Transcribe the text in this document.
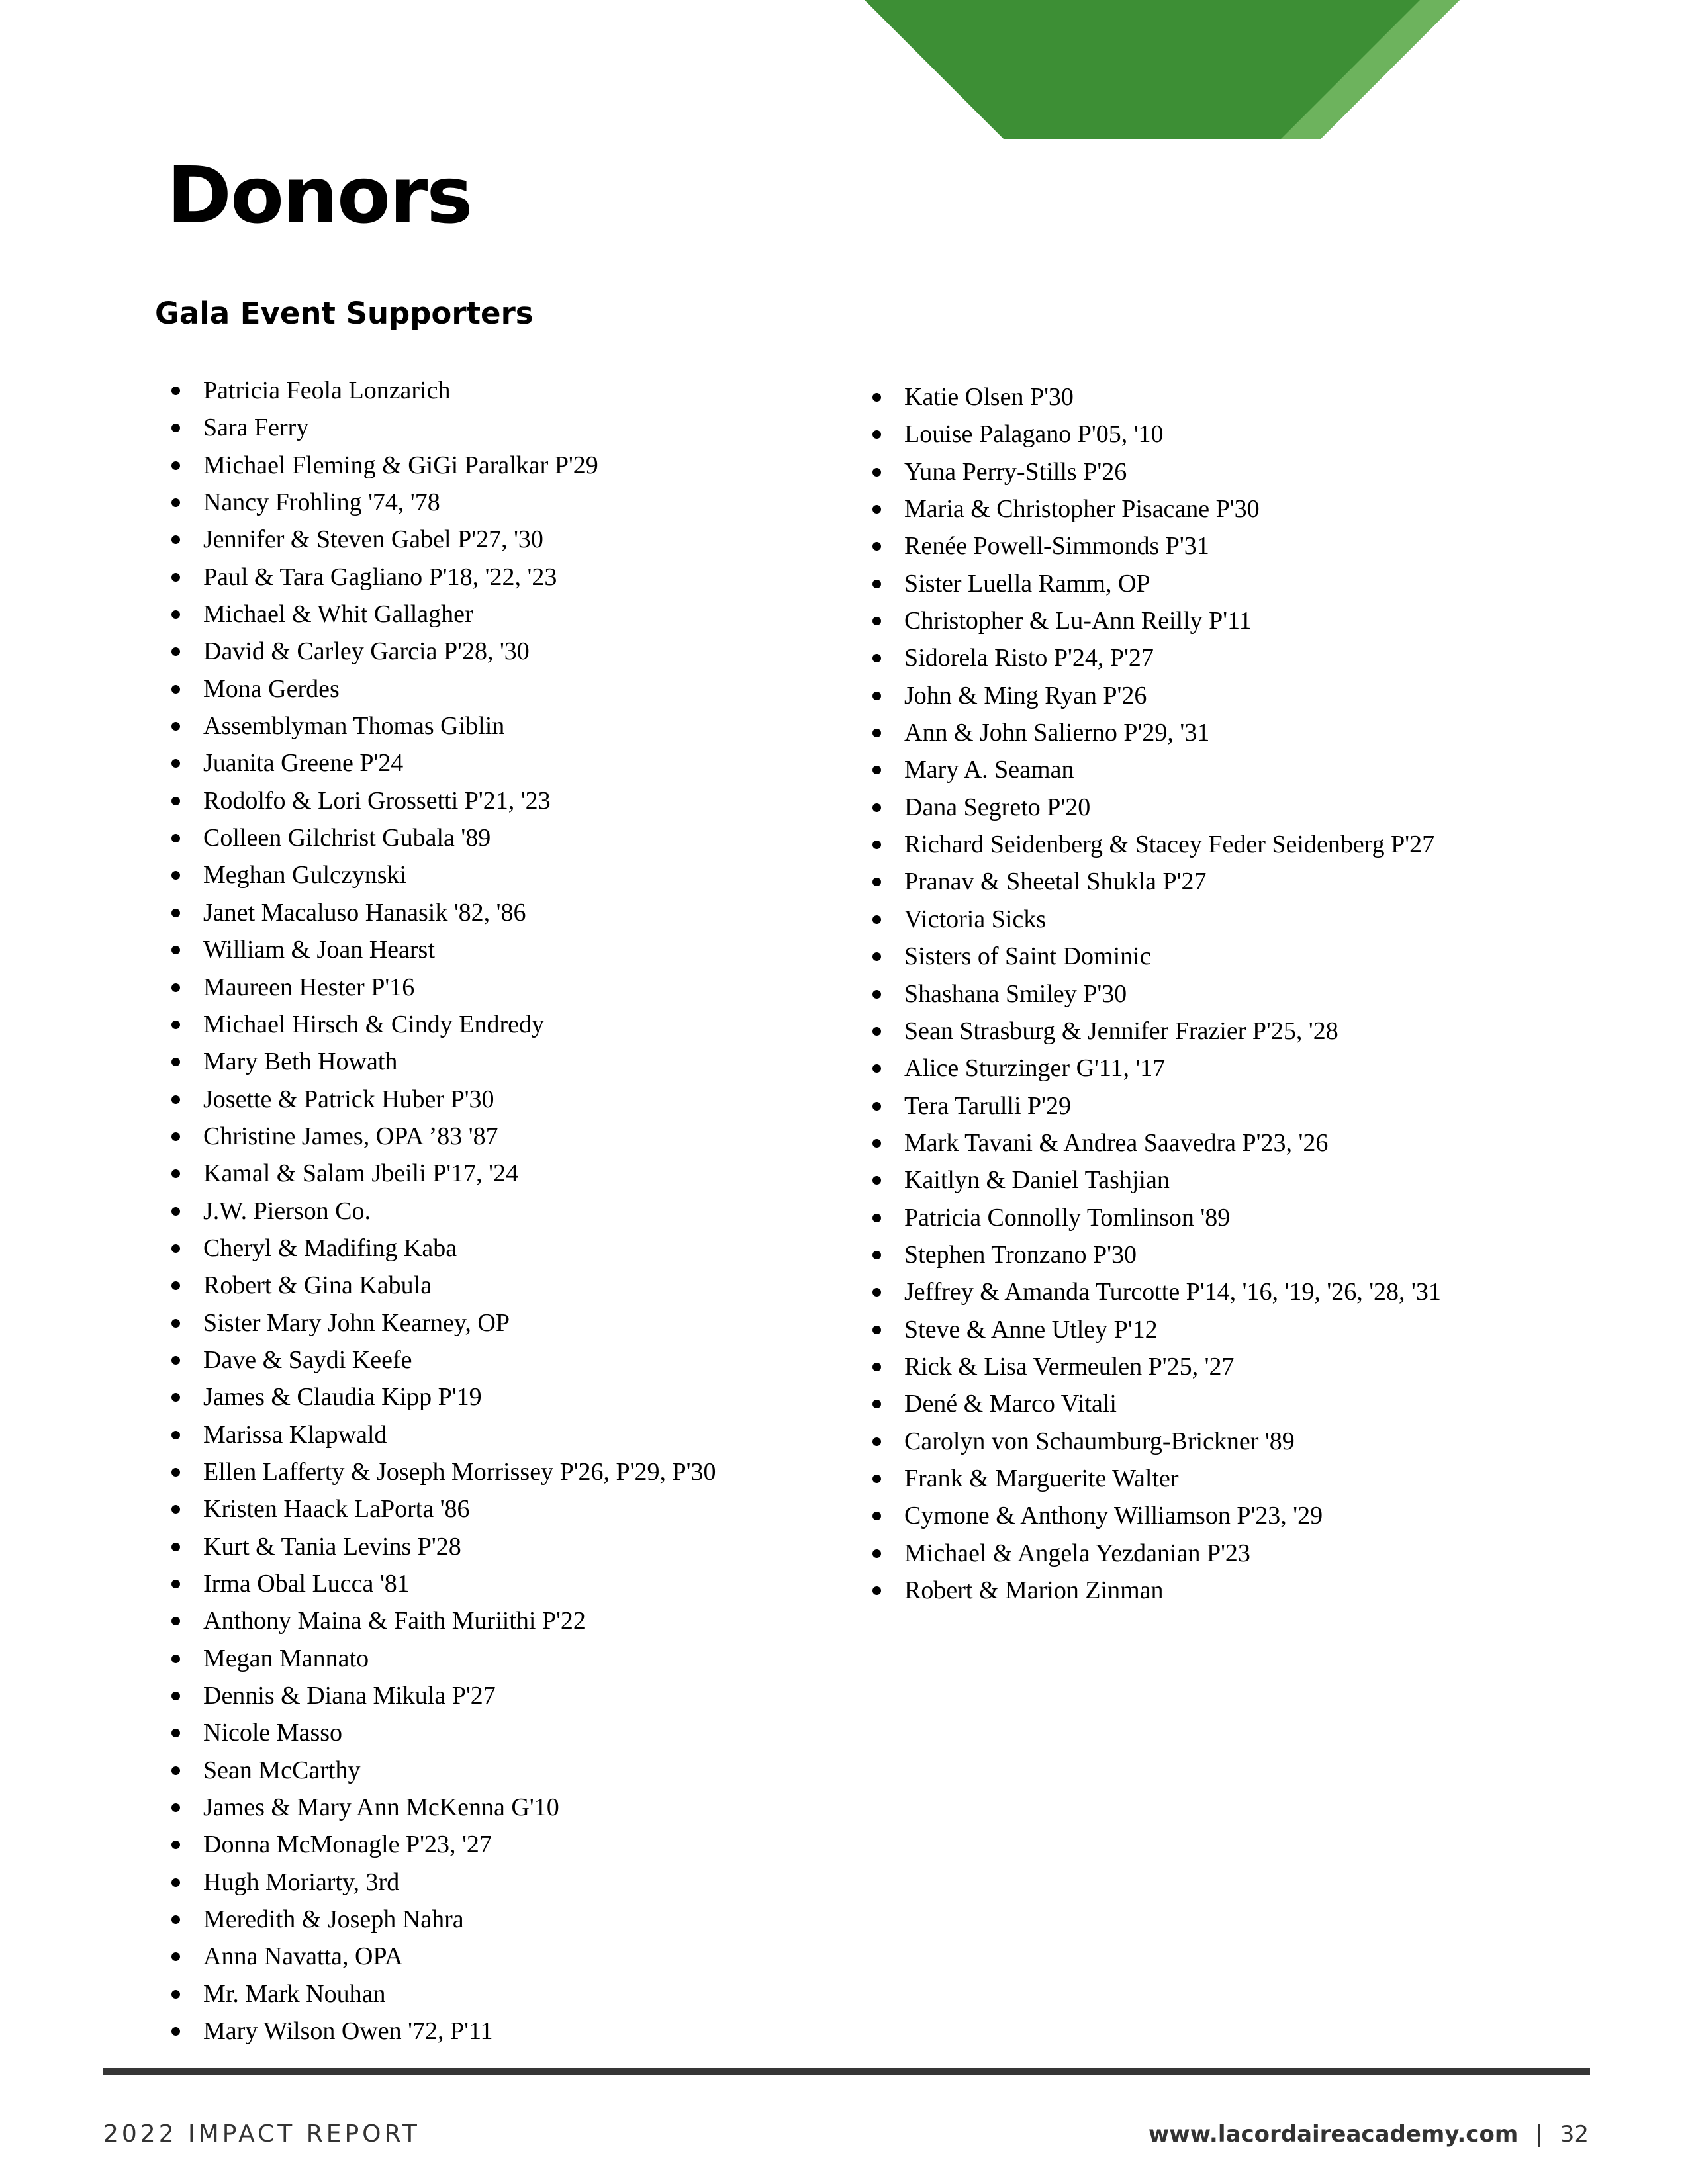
Donors
Gala Event Supporters
Patricia Feola Lonzarich
Sara Ferry
Michael Fleming & GiGi Paralkar P'29
Nancy Frohling '74, '78
Jennifer & Steven Gabel P'27, '30
Paul & Tara Gagliano P'18, '22, '23
Michael & Whit Gallagher
David & Carley Garcia P'28, '30
Mona Gerdes
Assemblyman Thomas Giblin
Juanita Greene P'24
Rodolfo & Lori Grossetti P'21, '23
Colleen Gilchrist Gubala '89
Meghan Gulczynski
Janet Macaluso Hanasik '82, '86
William & Joan Hearst
Maureen Hester P'16
Michael Hirsch & Cindy Endredy
Mary Beth Howath
Josette & Patrick Huber P'30
Christine James, OPA ’83 '87
Kamal & Salam Jbeili P'17, '24
J.W. Pierson Co.
Cheryl & Madifing Kaba
Robert & Gina Kabula
Sister Mary John Kearney, OP
Dave & Saydi Keefe
James & Claudia Kipp P'19
Marissa Klapwald
Ellen Lafferty & Joseph Morrissey P'26, P'29, P'30
Kristen Haack LaPorta '86
Kurt & Tania Levins P'28
Irma Obal Lucca '81
Anthony Maina & Faith Muriithi P'22
Megan Mannato
Dennis & Diana Mikula P'27
Nicole Masso
Sean McCarthy
James & Mary Ann McKenna G'10
Donna McMonagle P'23, '27
Hugh Moriarty, 3rd
Meredith & Joseph Nahra
Anna Navatta, OPA
Mr. Mark Nouhan
Mary Wilson Owen '72, P'11
Katie Olsen P'30
Louise Palagano P'05, '10
Yuna Perry-Stills P'26
Maria & Christopher Pisacane P'30
Renée Powell-Simmonds P'31
Sister Luella Ramm, OP
Christopher & Lu-Ann Reilly P'11
Sidorela Risto P'24, P'27
John & Ming Ryan P'26
Ann & John Salierno P'29, '31
Mary A. Seaman
Dana Segreto P'20
Richard Seidenberg & Stacey Feder Seidenberg P'27
Pranav & Sheetal Shukla P'27
Victoria Sicks
Sisters of Saint Dominic
Shashana Smiley P'30
Sean Strasburg & Jennifer Frazier P'25, '28
Alice Sturzinger G'11, '17
Tera Tarulli P'29
Mark Tavani & Andrea Saavedra P'23, '26
Kaitlyn & Daniel Tashjian
Patricia Connolly Tomlinson '89
Stephen Tronzano P'30
Jeffrey & Amanda Turcotte P'14, '16, '19, '26, '28, '31
Steve & Anne Utley P'12
Rick & Lisa Vermeulen P'25, '27
Dené & Marco Vitali
Carolyn von Schaumburg-Brickner '89
Frank & Marguerite Walter
Cymone & Anthony Williamson P'23, '29
Michael & Angela Yezdanian P'23
Robert & Marion Zinman
2022 IMPACT REPORT	www.lacordaireacademy.com | 32
